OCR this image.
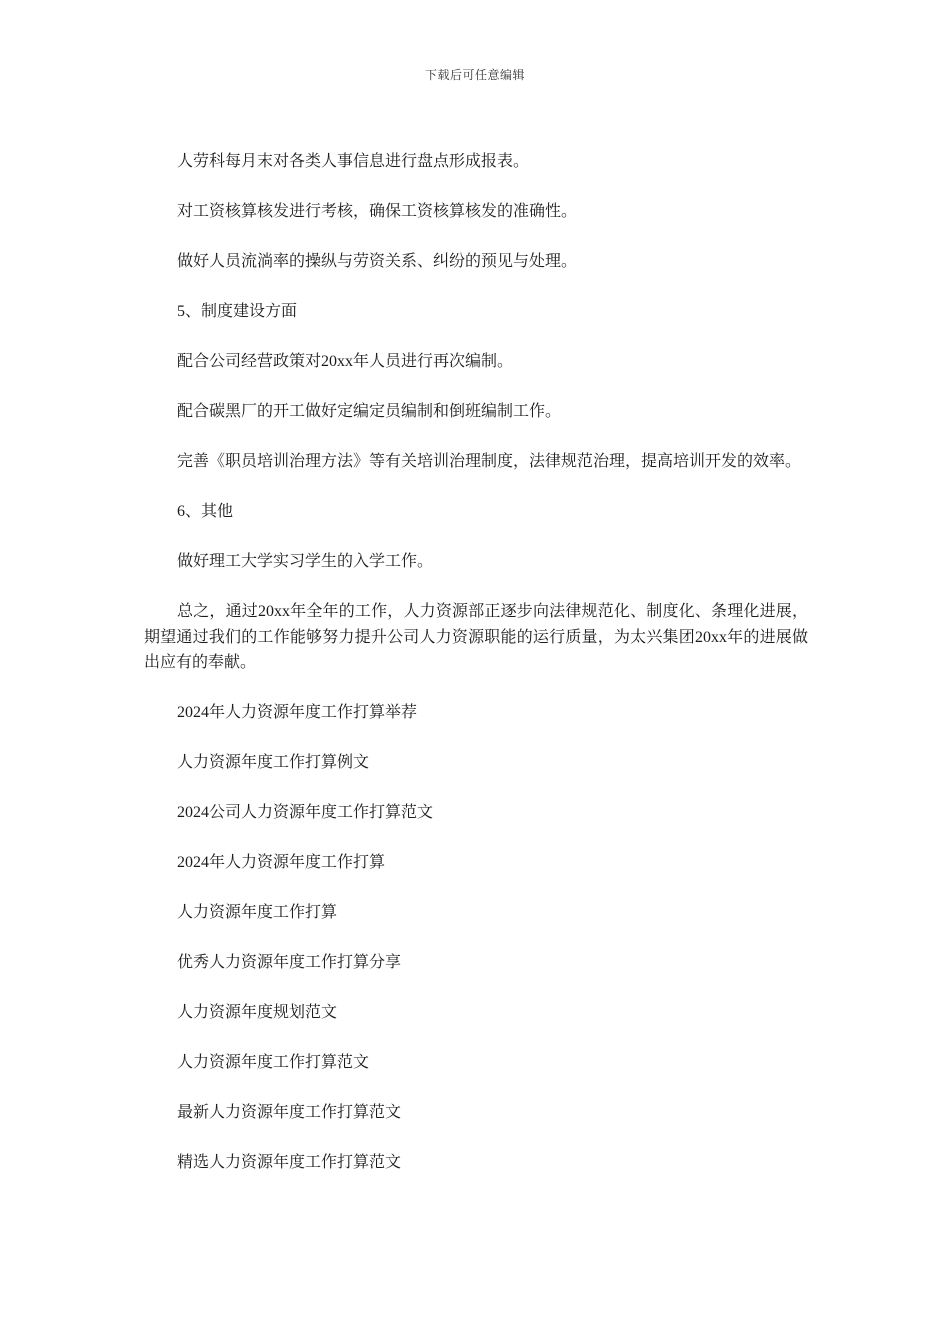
下载后可任意编辑

人劳科每月末对各类人事信息进行盘点形成报表。

对工资核算核发进行考核，确保工资核算核发的准确性。

做好人员流淌率的操纵与劳资关系、纠纷的预见与处理。

5、制度建设方面

配合公司经营政策对20xx年人员进行再次编制。

配合碳黑厂的开工做好定编定员编制和倒班编制工作。

完善《职员培训治理方法》等有关培训治理制度，法律规范治理，提高培训开发的效率。

6、其他

做好理工大学实习学生的入学工作。

总之，通过20xx年全年的工作，人力资源部正逐步向法律规范化、制度化、条理化进展，期望通过我们的工作能够努力提升公司人力资源职能的运行质量，为太兴集团20xx年的进展做出应有的奉献。

2024年人力资源年度工作打算举荐

人力资源年度工作打算例文

2024公司人力资源年度工作打算范文

2024年人力资源年度工作打算

人力资源年度工作打算

优秀人力资源年度工作打算分享

人力资源年度规划范文

人力资源年度工作打算范文

最新人力资源年度工作打算范文

精选人力资源年度工作打算范文
